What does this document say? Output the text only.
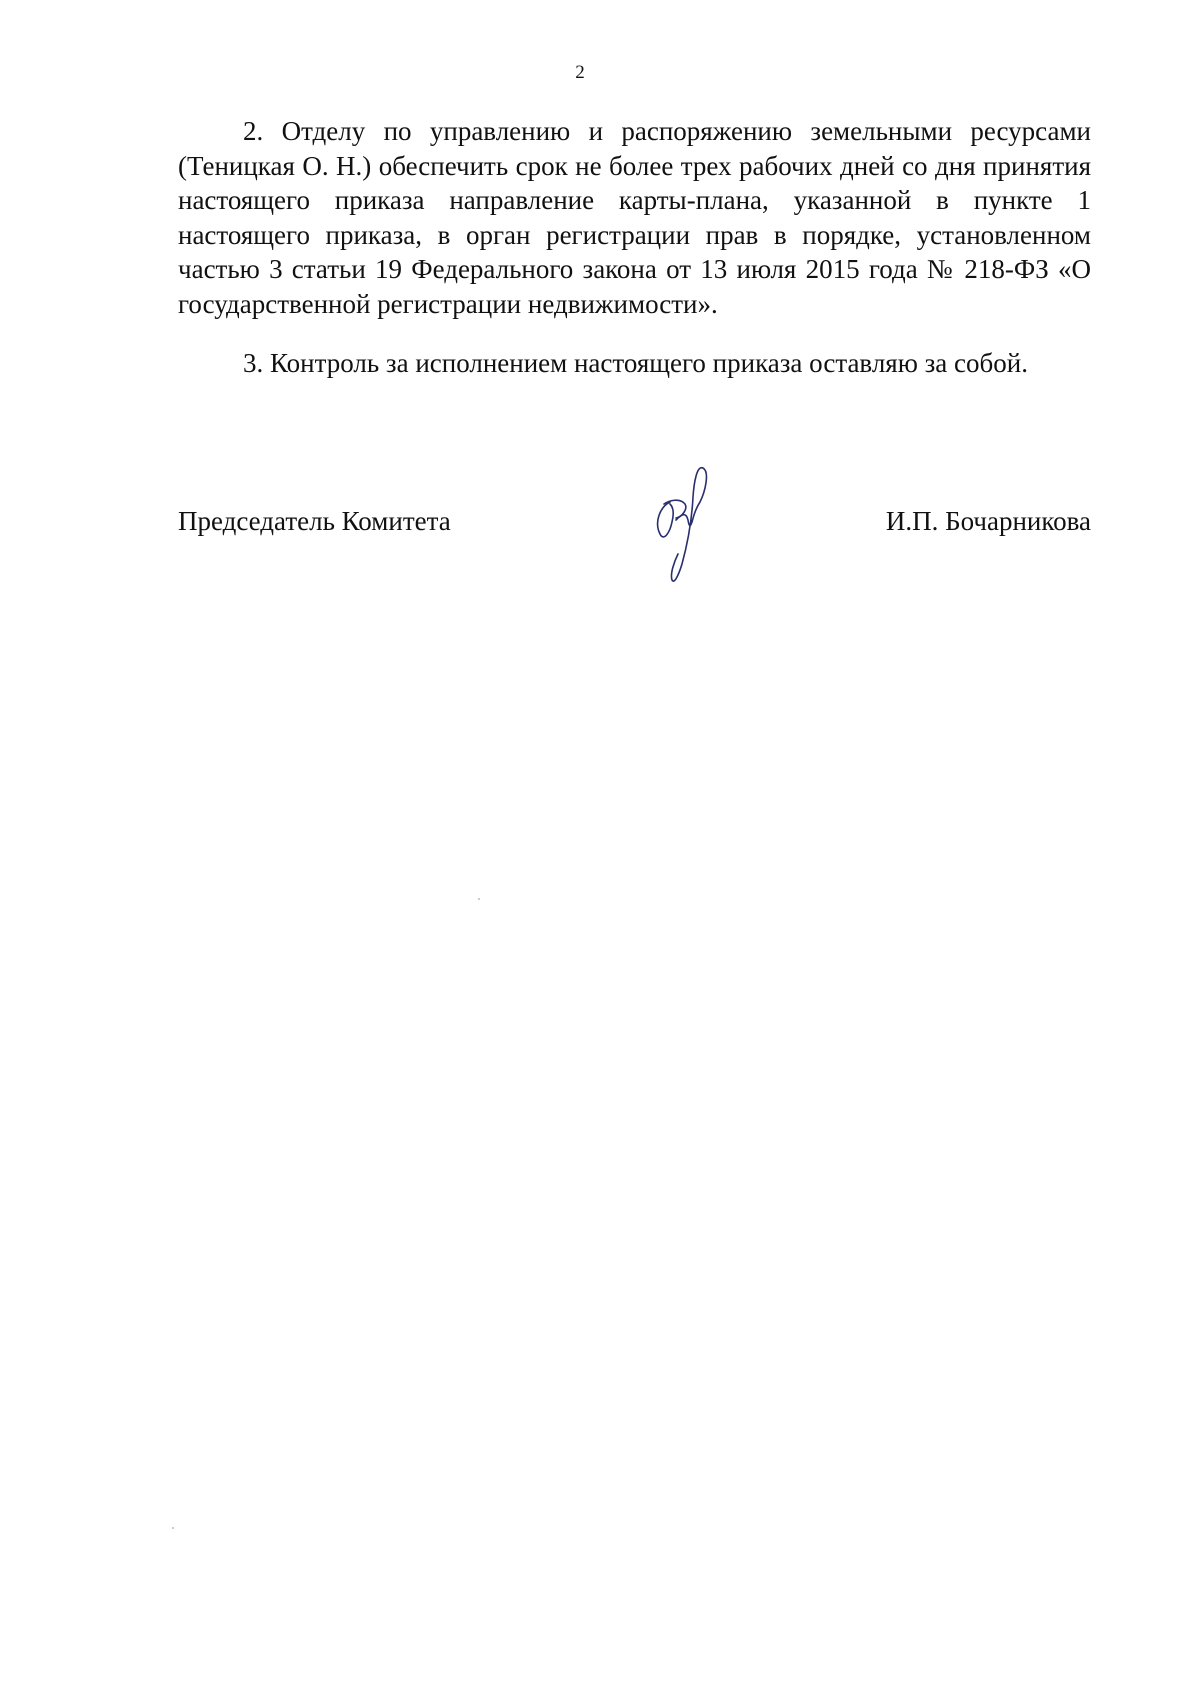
2

2. Отделу по управлению и распоряжению земельными ресурсами (Теницкая О. Н.) обеспечить срок не более трех рабочих дней со дня принятия настоящего приказа направление карты-плана, указанной в пункте 1 настоящего приказа, в орган регистрации прав в порядке, установленном частью 3 статьи 19 Федерального закона от 13 июля 2015 года № 218-ФЗ «О государственной регистрации недвижимости».

3. Контроль за исполнением настоящего приказа оставляю за собой.

Председатель Комитета	И.П. Бочарникова
